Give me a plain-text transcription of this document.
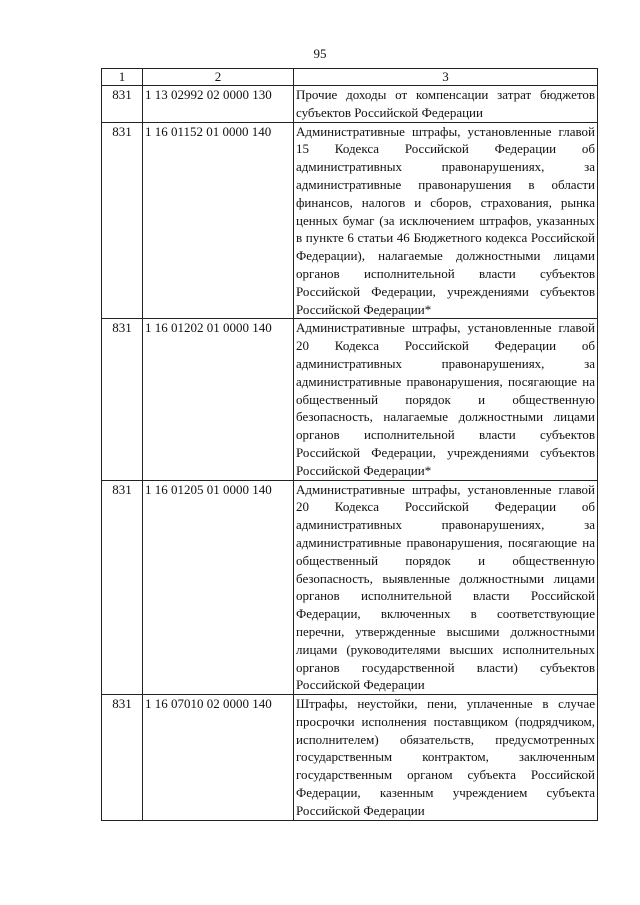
95
1	2	3
831	1 13 02992 02 0000 130	Прочие доходы от компенсации затрат бюджетов субъектов Российской Федерации
831	1 16 01152 01 0000 140	Административные штрафы, установленные главой 15 Кодекса Российской Федерации об административных правонарушениях, за административные правонарушения в области финансов, налогов и сборов, страхования, рынка ценных бумаг (за исключением штрафов, указанных в пункте 6 статьи 46 Бюджетного кодекса Российской Федерации), налагаемые должностными лицами органов исполнительной власти субъектов Российской Федерации, учреждениями субъектов Российской Федерации*
831	1 16 01202 01 0000 140	Административные штрафы, установленные главой 20 Кодекса Российской Федерации об административных правонарушениях, за административные правонарушения, посягающие на общественный порядок и общественную безопасность, налагаемые должностными лицами органов исполнительной власти субъектов Российской Федерации, учреждениями субъектов Российской Федерации*
831	1 16 01205 01 0000 140	Административные штрафы, установленные главой 20 Кодекса Российской Федерации об административных правонарушениях, за административные правонарушения, посягающие на общественный порядок и общественную безопасность, выявленные должностными лицами органов исполнительной власти Российской Федерации, включенных в соответствующие перечни, утвержденные высшими должностными лицами (руководителями высших исполнительных органов государственной власти) субъектов Российской Федерации
831	1 16 07010 02 0000 140	Штрафы, неустойки, пени, уплаченные в случае просрочки исполнения поставщиком (подрядчиком, исполнителем) обязательств, предусмотренных государственным контрактом, заключенным государственным органом субъекта Российской Федерации, казенным учреждением субъекта Российской Федерации
